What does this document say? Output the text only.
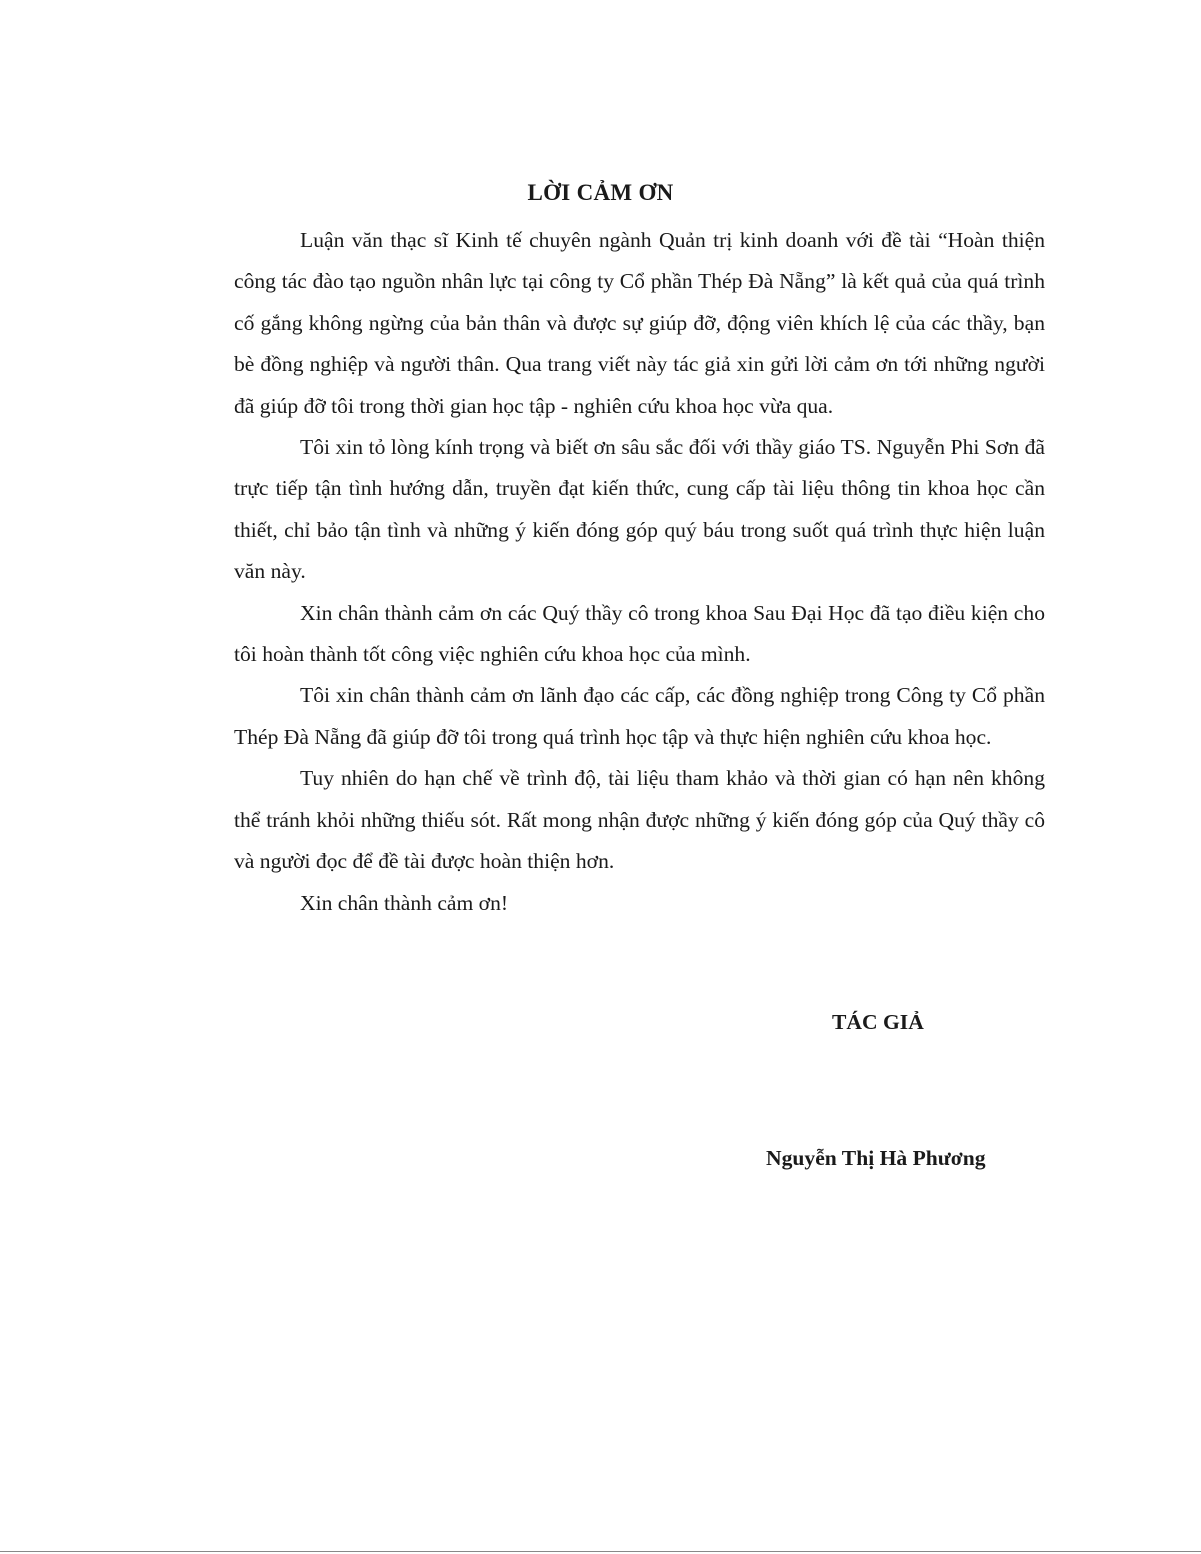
LỜI CẢM ƠN

Luận văn thạc sĩ Kinh tế chuyên ngành Quản trị kinh doanh với đề tài “Hoàn thiện công tác đào tạo nguồn nhân lực tại công ty Cổ phần Thép Đà Nẵng” là kết quả của quá trình cố gắng không ngừng của bản thân và được sự giúp đỡ, động viên khích lệ của các thầy, bạn bè đồng nghiệp và người thân. Qua trang viết này tác giả xin gửi lời cảm ơn tới những người đã giúp đỡ tôi trong thời gian học tập - nghiên cứu khoa học vừa qua.

Tôi xin tỏ lòng kính trọng và biết ơn sâu sắc đối với thầy giáo TS. Nguyễn Phi Sơn đã trực tiếp tận tình hướng dẫn, truyền đạt kiến thức, cung cấp tài liệu thông tin khoa học cần thiết, chỉ bảo tận tình và những ý kiến đóng góp quý báu trong suốt quá trình thực hiện luận văn này.

Xin chân thành cảm ơn các Quý thầy cô trong khoa Sau Đại Học đã tạo điều kiện cho tôi hoàn thành tốt công việc nghiên cứu khoa học của mình.

Tôi xin chân thành cảm ơn lãnh đạo các cấp, các đồng nghiệp trong Công ty Cổ phần Thép Đà Nẵng đã giúp đỡ tôi trong quá trình học tập và thực hiện nghiên cứu khoa học.

Tuy nhiên do hạn chế về trình độ, tài liệu tham khảo và thời gian có hạn nên không thể tránh khỏi những thiếu sót. Rất mong nhận được những ý kiến đóng góp của Quý thầy cô và người đọc để đề tài được hoàn thiện hơn.

Xin chân thành cảm ơn!

TÁC GIẢ
Nguyễn Thị Hà Phương
